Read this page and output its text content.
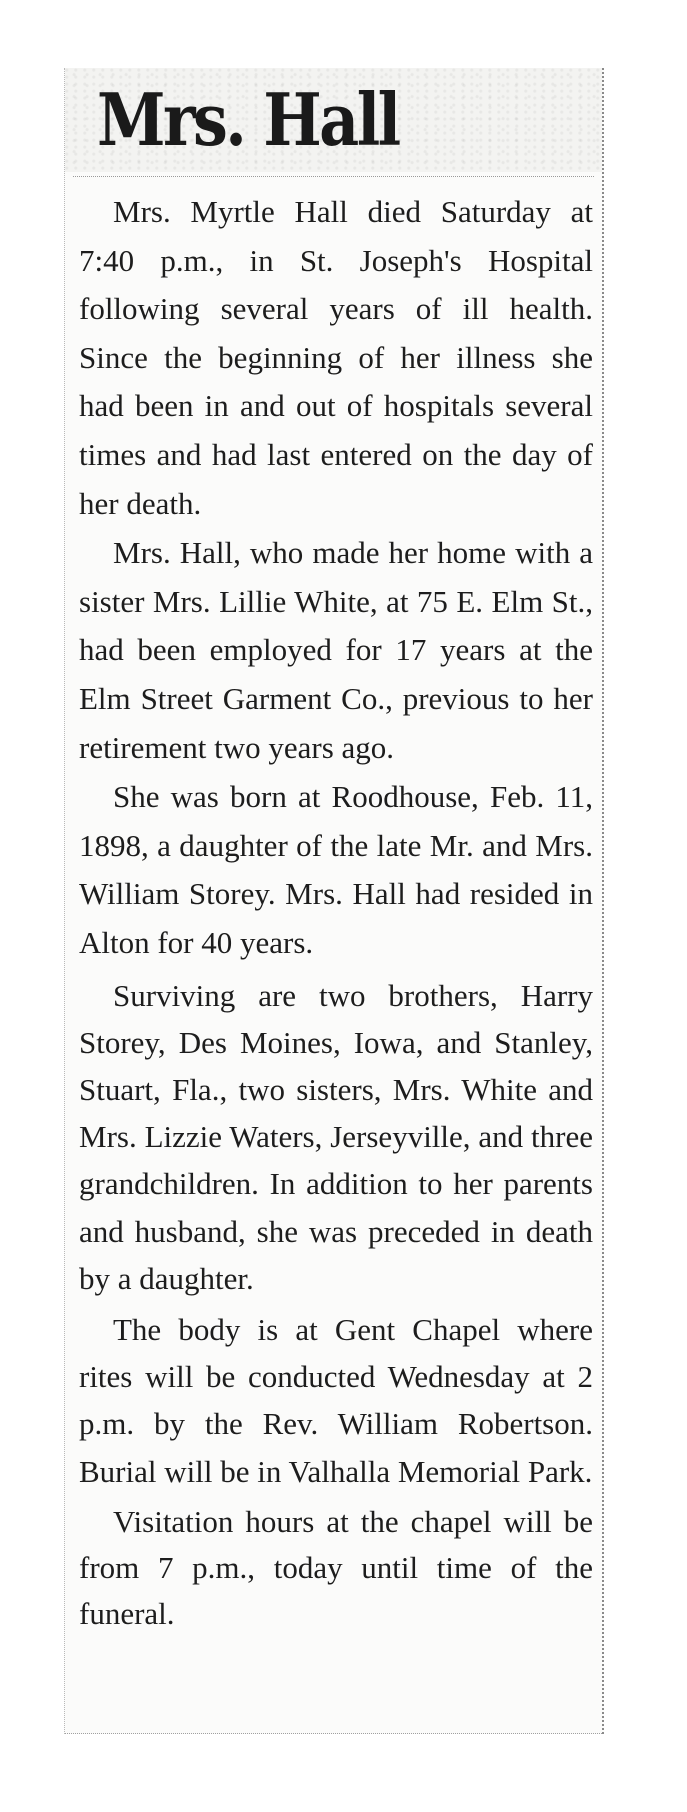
Mrs. Hall

Mrs. Myrtle Hall died Saturday at 7:40 p.m., in St. Joseph's Hospital following several years of ill health. Since the beginning of her illness she had been in and out of hospitals several times and had last entered on the day of her death.

Mrs. Hall, who made her home with a sister Mrs. Lillie White, at 75 E. Elm St., had been employed for 17 years at the Elm Street Garment Co., previous to her retirement two years ago.

She was born at Roodhouse, Feb. 11, 1898, a daughter of the late Mr. and Mrs. William Storey. Mrs. Hall had resided in Alton for 40 years.

Surviving are two brothers, Harry Storey, Des Moines, Iowa, and Stanley, Stuart, Fla., two sisters, Mrs. White and Mrs. Lizzie Waters, Jerseyville, and three grandchildren. In addition to her parents and husband, she was preceded in death by a daughter.

The body is at Gent Chapel where rites will be conducted Wednesday at 2 p.m. by the Rev. William Robertson. Burial will be in Valhalla Memorial Park.

Visitation hours at the chapel will be from 7 p.m., today until time of the funeral.
